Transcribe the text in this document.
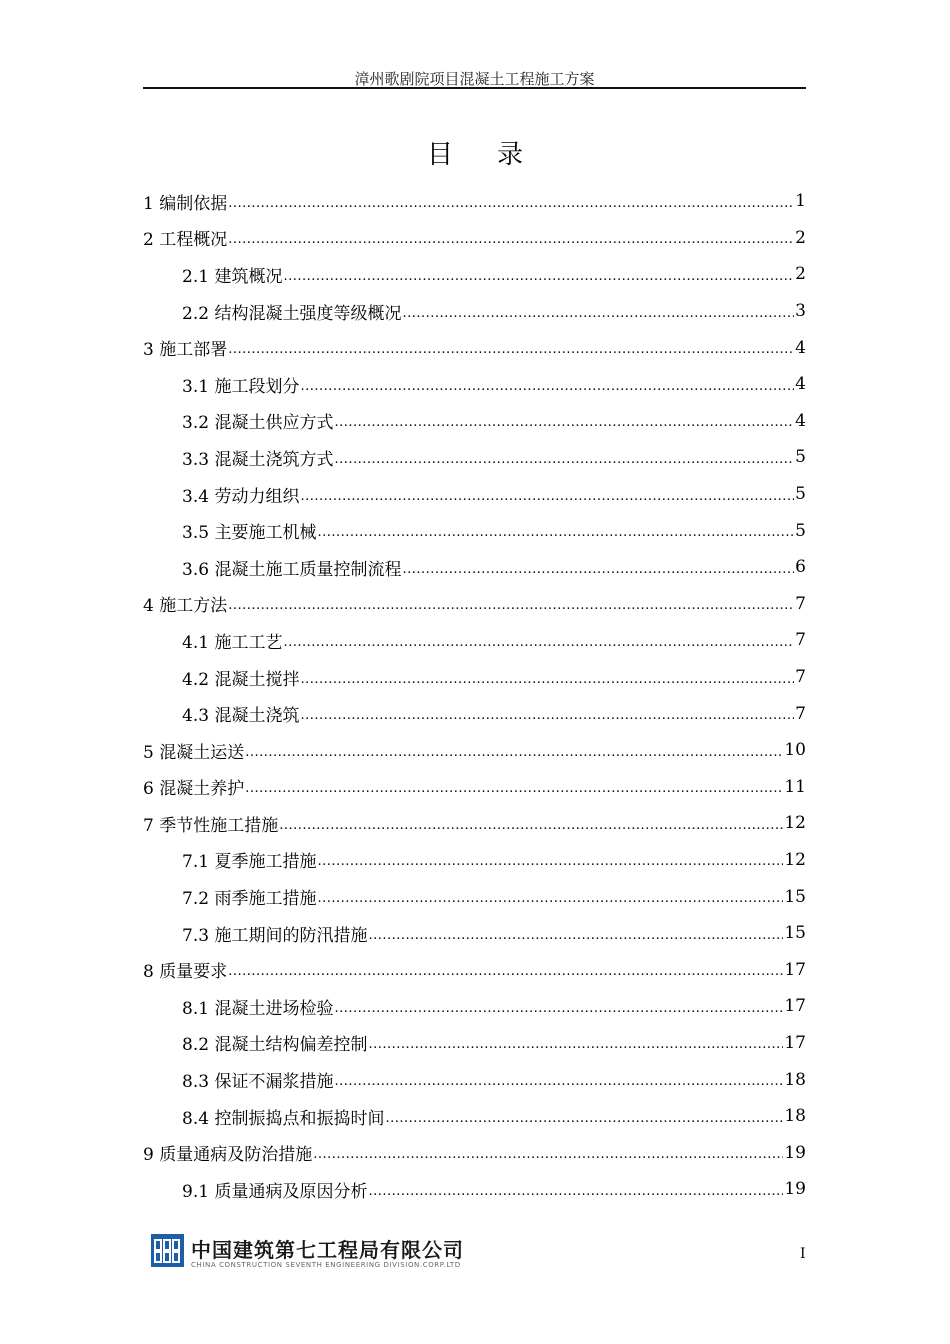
漳州歌剧院项目混凝土工程施工方案
目录
1 编制依据 .....	1
2 工程概况 .....	2
2.1 建筑概况 .....	2
2.2 结构混凝土强度等级概况 .....	3
3 施工部署 .....	4
3.1 施工段划分 .....	4
3.2 混凝土供应方式 .....	4
3.3 混凝土浇筑方式 .....	5
3.4 劳动力组织 .....	5
3.5 主要施工机械 .....	5
3.6 混凝土施工质量控制流程 .....	6
4 施工方法 .....	7
4.1 施工工艺 .....	7
4.2 混凝土搅拌 .....	7
4.3 混凝土浇筑 .....	7
5 混凝土运送 .....	10
6 混凝土养护 .....	11
7 季节性施工措施 .....	12
7.1 夏季施工措施 .....	12
7.2 雨季施工措施 .....	15
7.3 施工期间的防汛措施 .....	15
8 质量要求 .....	17
8.1 混凝土进场检验 .....	17
8.2 混凝土结构偏差控制 .....	17
8.3 保证不漏浆措施 .....	18
8.4 控制振捣点和振捣时间 .....	18
9 质量通病及防治措施 .....	19
9.1 质量通病及原因分析 .....	19
中国建筑第七工程局有限公司
CHINA CONSTRUCTION SEVENTH ENGINEERING DIVISION.CORP.LTD
I
